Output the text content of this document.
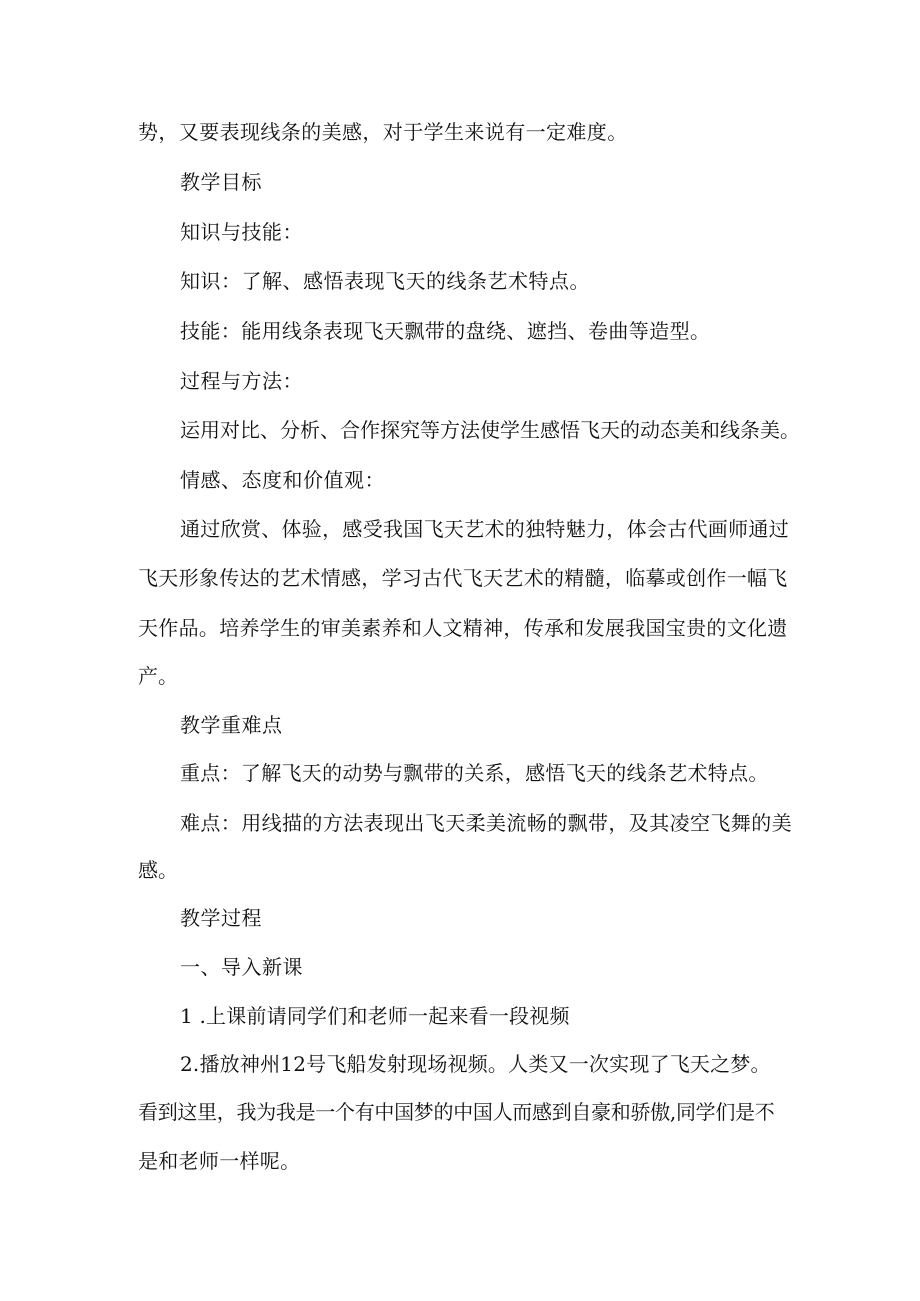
势，又要表现线条的美感，对于学生来说有一定难度。
教学目标
知识与技能：
知识：了解、感悟表现飞天的线条艺术特点。
技能：能用线条表现飞天飘带的盘绕、遮挡、卷曲等造型。
过程与方法：
运用对比、分析、合作探究等方法使学生感悟飞天的动态美和线条美。
情感、态度和价值观：
通过欣赏、体验，感受我国飞天艺术的独特魅力，体会古代画师通过
飞天形象传达的艺术情感，学习古代飞天艺术的精髓，临摹或创作一幅飞
天作品。培养学生的审美素养和人文精神，传承和发展我国宝贵的文化遗
产。
教学重难点
重点：了解飞天的动势与飘带的关系，感悟飞天的线条艺术特点。
难点：用线描的方法表现出飞天柔美流畅的飘带，及其凌空飞舞的美
感。
教学过程
一、导入新课
1 .上课前请同学们和老师一起来看一段视频
2.播放神州12号飞船发射现场视频。人类又一次实现了飞天之梦。
看到这里，我为我是一个有中国梦的中国人而感到自豪和骄傲,同学们是不
是和老师一样呢。
